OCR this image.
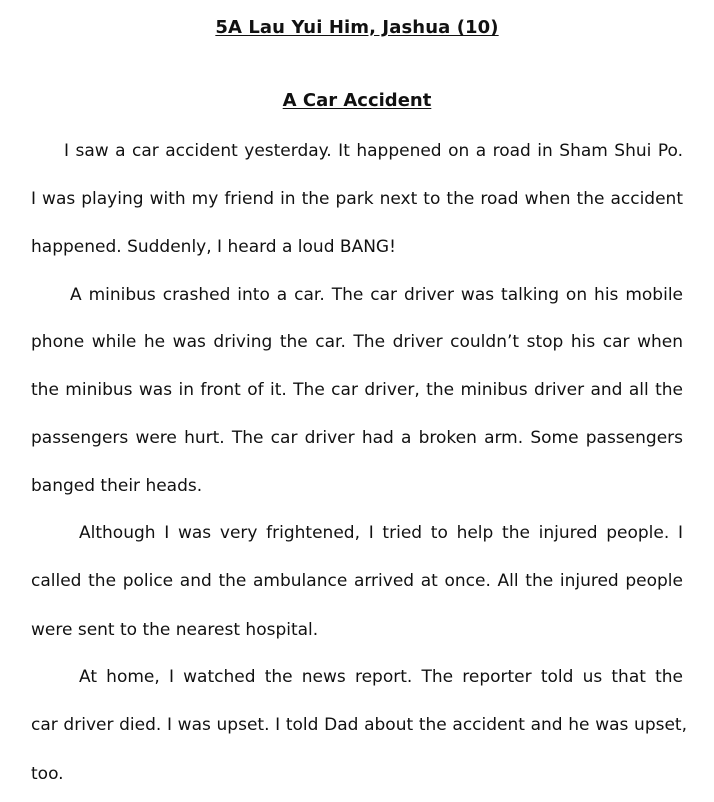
5A Lau Yui Him, Jashua (10)
A Car Accident
I saw a car accident yesterday. It happened on a road in Sham Shui Po.
I was playing with my friend in the park next to the road when the accident
happened. Suddenly, I heard a loud BANG!
A minibus crashed into a car. The car driver was talking on his mobile
phone while he was driving the car. The driver couldn’t stop his car when
the minibus was in front of it. The car driver, the minibus driver and all the
passengers were hurt. The car driver had a broken arm. Some passengers
banged their heads.
Although I was very frightened, I tried to help the injured people. I
called the police and the ambulance arrived at once. All the injured people
were sent to the nearest hospital.
At home, I watched the news report. The reporter told us that the
car driver died. I was upset. I told Dad about the accident and he was upset,
too.
